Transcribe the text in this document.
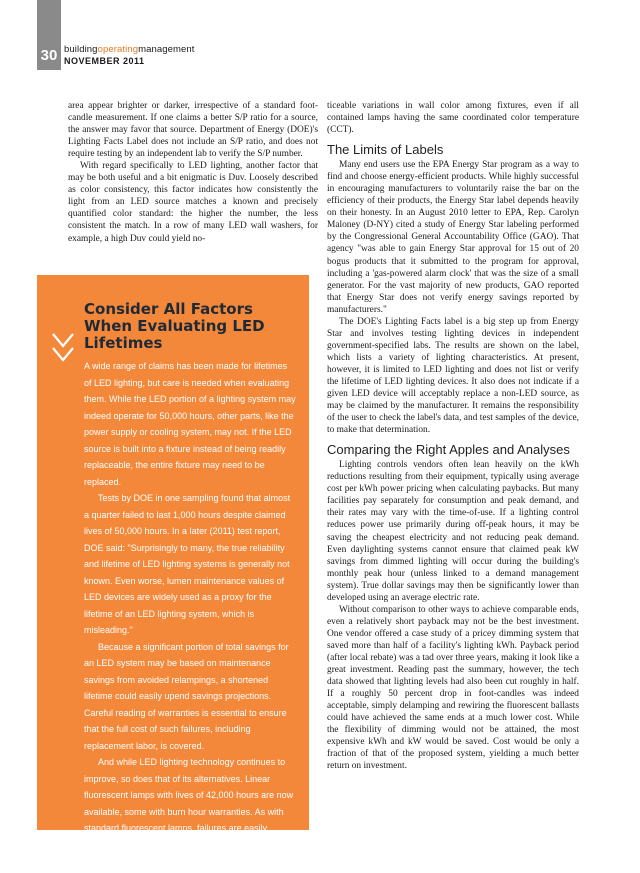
30 buildingoperatingmanagement
NOVEMBER 2011

area appear brighter or darker, irrespective of a standard foot-candle measurement. If one claims a better S/P ratio for a source, the answer may favor that source. Department of Energy (DOE)'s Lighting Facts Label does not include an S/P ratio, and does not require testing by an independent lab to verify the S/P number.

With regard specifically to LED lighting, another factor that may be both useful and a bit enigmatic is Duv. Loosely described as color consistency, this factor indicates how consistently the light from an LED source matches a known and precisely quantified color standard: the higher the number, the less consistent the match. In a row of many LED wall washers, for example, a high Duv could yield no-

Consider All Factors When Evaluating LED Lifetimes

A wide range of claims has been made for lifetimes of LED lighting, but care is needed when evaluating them. While the LED portion of a lighting system may indeed operate for 50,000 hours, other parts, like the power supply or cooling system, may not. If the LED source is built into a fixture instead of being readily replaceable, the entire fixture may need to be replaced.

Tests by DOE in one sampling found that almost a quarter failed to last 1,000 hours despite claimed lives of 50,000 hours. In a later (2011) test report, DOE said: "Surprisingly to many, the true reliability and lifetime of LED lighting systems is generally not known. Even worse, lumen maintenance values of LED devices are widely used as a proxy for the lifetime of an LED lighting system, which is misleading."

Because a significant portion of total savings for an LED system may be based on maintenance savings from avoided relampings, a shortened lifetime could easily upend savings projections. Careful reading of warranties is essential to ensure that the full cost of such failures, including replacement labor, is covered.

And while LED lighting technology continues to improve, so does that of its alternatives. Linear fluorescent lamps with lives of 42,000 hours are now available, some with burn hour warranties. As with standard fluorescent lamps, failures are easily replaced without the need to remove fixtures.

— Lindsay Audin

ticeable variations in wall color among fixtures, even if all contained lamps having the same coordinated color temperature (CCT).

The Limits of Labels

Many end users use the EPA Energy Star program as a way to find and choose energy-efficient products. While highly successful in encouraging manufacturers to voluntarily raise the bar on the efficiency of their products, the Energy Star label depends heavily on their honesty. In an August 2010 letter to EPA, Rep. Carolyn Maloney (D-NY) cited a study of Energy Star labeling performed by the Congressional General Accountability Office (GAO). That agency "was able to gain Energy Star approval for 15 out of 20 bogus products that it submitted to the program for approval, including a 'gas-powered alarm clock' that was the size of a small generator. For the vast majority of new products, GAO reported that Energy Star does not verify energy savings reported by manufacturers."

The DOE's Lighting Facts label is a big step up from Energy Star and involves testing lighting devices in independent government-specified labs. The results are shown on the label, which lists a variety of lighting characteristics. At present, however, it is limited to LED lighting and does not list or verify the lifetime of LED lighting devices. It also does not indicate if a given LED device will acceptably replace a non-LED source, as may be claimed by the manufacturer. It remains the responsibility of the user to check the label's data, and test samples of the device, to make that determination.

Comparing the Right Apples and Analyses

Lighting controls vendors often lean heavily on the kWh reductions resulting from their equipment, typically using average cost per kWh power pricing when calculating paybacks. But many facilities pay separately for consumption and peak demand, and their rates may vary with the time-of-use. If a lighting control reduces power use primarily during off-peak hours, it may be saving the cheapest electricity and not reducing peak demand. Even daylighting systems cannot ensure that claimed peak kW savings from dimmed lighting will occur during the building's monthly peak hour (unless linked to a demand management system). True dollar savings may then be significantly lower than developed using an average electric rate.

Without comparison to other ways to achieve comparable ends, even a relatively short payback may not be the best investment. One vendor offered a case study of a pricey dimming system that saved more than half of a facility's lighting kWh. Payback period (after local rebate) was a tad over three years, making it look like a great investment. Reading past the summary, however, the tech data showed that lighting levels had also been cut roughly in half. If a roughly 50 percent drop in foot-candles was indeed acceptable, simply delamping and rewiring the fluorescent ballasts could have achieved the same ends at a much lower cost. While the flexibility of dimming would not be attained, the most expensive kWh and kW would be saved. Cost would be only a fraction of that of the proposed system, yielding a much better return on investment.
